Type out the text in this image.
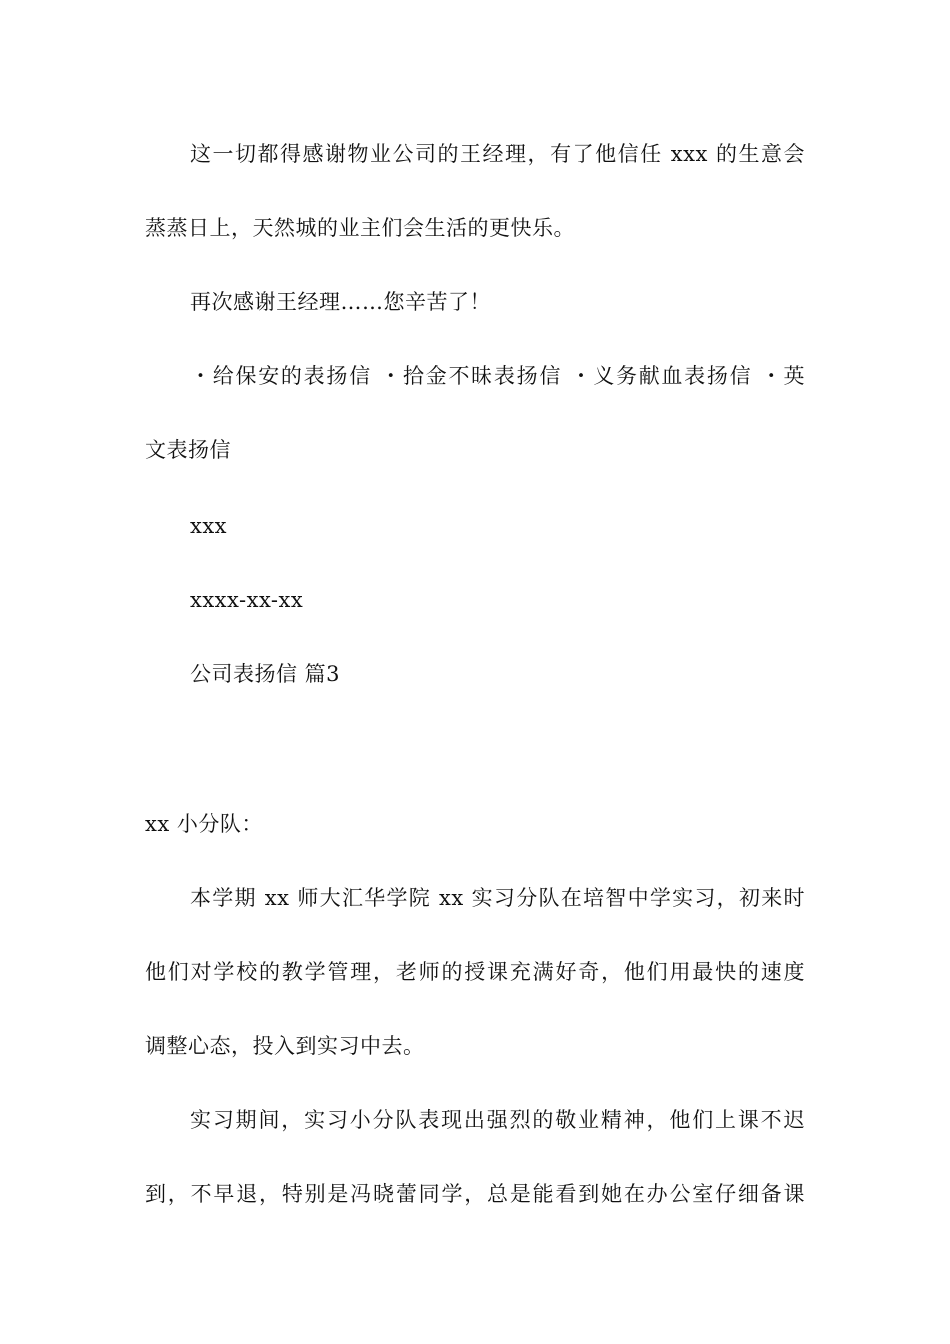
这一切都得感谢物业公司的王经理，有了他信任 xxx 的生意会
蒸蒸日上，天然城的业主们会生活的更快乐。
再次感谢王经理……您辛苦了！
・给保安的表扬信 ・拾金不昧表扬信 ・义务献血表扬信 ・英
文表扬信
xxx
xxxx-xx-xx
公司表扬信 篇3
xx 小分队：
本学期 xx 师大汇华学院 xx 实习分队在培智中学实习，初来时
他们对学校的教学管理，老师的授课充满好奇，他们用最快的速度
调整心态，投入到实习中去。
实习期间，实习小分队表现出强烈的敬业精神，他们上课不迟
到，不早退，特别是冯晓蕾同学，总是能看到她在办公室仔细备课
